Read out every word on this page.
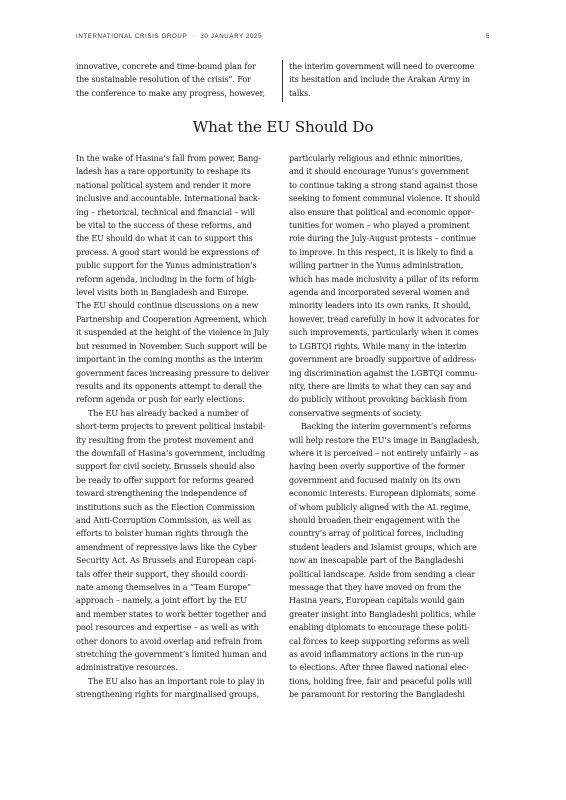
INTERNATIONAL CRISIS GROUP · 30 JANUARY 2025	5
innovative, concrete and time-bound plan for
the sustainable resolution of the crisis”. For
the conference to make any progress, however,
the interim government will need to overcome
its hesitation and include the Arakan Army in
talks.
What the EU Should Do
In the wake of Hasina’s fall from power, Bang-
ladesh has a rare opportunity to reshape its
national political system and render it more
inclusive and accountable. International back-
ing – rhetorical, technical and financial – will
be vital to the success of these reforms, and
the EU should do what it can to support this
process. A good start would be expressions of
public support for the Yunus administration’s
reform agenda, including in the form of high-
level visits both in Bangladesh and Europe.
The EU should continue discussions on a new
Partnership and Cooperation Agreement, which
it suspended at the height of the violence in July
but resumed in November. Such support will be
important in the coming months as the interim
government faces increasing pressure to deliver
results and its opponents attempt to derail the
reform agenda or push for early elections.
The EU has already backed a number of
short-term projects to prevent political instabil-
ity resulting from the protest movement and
the downfall of Hasina’s government, including
support for civil society. Brussels should also
be ready to offer support for reforms geared
toward strengthening the independence of
institutions such as the Election Commission
and Anti-Corruption Commission, as well as
efforts to bolster human rights through the
amendment of repressive laws like the Cyber
Security Act. As Brussels and European capi-
tals offer their support, they should coordi-
nate among themselves in a “Team Europe”
approach – namely, a joint effort by the EU
and member states to work better together and
pool resources and expertise – as well as with
other donors to avoid overlap and refrain from
stretching the government’s limited human and
administrative resources.
The EU also has an important role to play in
strengthening rights for marginalised groups,
particularly religious and ethnic minorities,
and it should encourage Yunus’s government
to continue taking a strong stand against those
seeking to foment communal violence. It should
also ensure that political and economic oppor-
tunities for women – who played a prominent
role during the July-August protests – continue
to improve. In this respect, it is likely to find a
willing partner in the Yunus administration,
which has made inclusivity a pillar of its reform
agenda and incorporated several women and
minority leaders into its own ranks. It should,
however, tread carefully in how it advocates for
such improvements, particularly when it comes
to LGBTQI rights. While many in the interim
government are broadly supportive of address-
ing discrimination against the LGBTQI commu-
nity, there are limits to what they can say and
do publicly without provoking backlash from
conservative segments of society.
Backing the interim government’s reforms
will help restore the EU’s image in Bangladesh,
where it is perceived – not entirely unfairly – as
having been overly supportive of the former
government and focused mainly on its own
economic interests. European diplomats, some
of whom publicly aligned with the AL regime,
should broaden their engagement with the
country’s array of political forces, including
student leaders and Islamist groups, which are
now an inescapable part of the Bangladeshi
political landscape. Aside from sending a clear
message that they have moved on from the
Hasina years, European capitals would gain
greater insight into Bangladeshi politics, while
enabling diplomats to encourage these politi-
cal forces to keep supporting reforms as well
as avoid inflammatory actions in the run-up
to elections. After three flawed national elec-
tions, holding free, fair and peaceful polls will
be paramount for restoring the Bangladeshi
